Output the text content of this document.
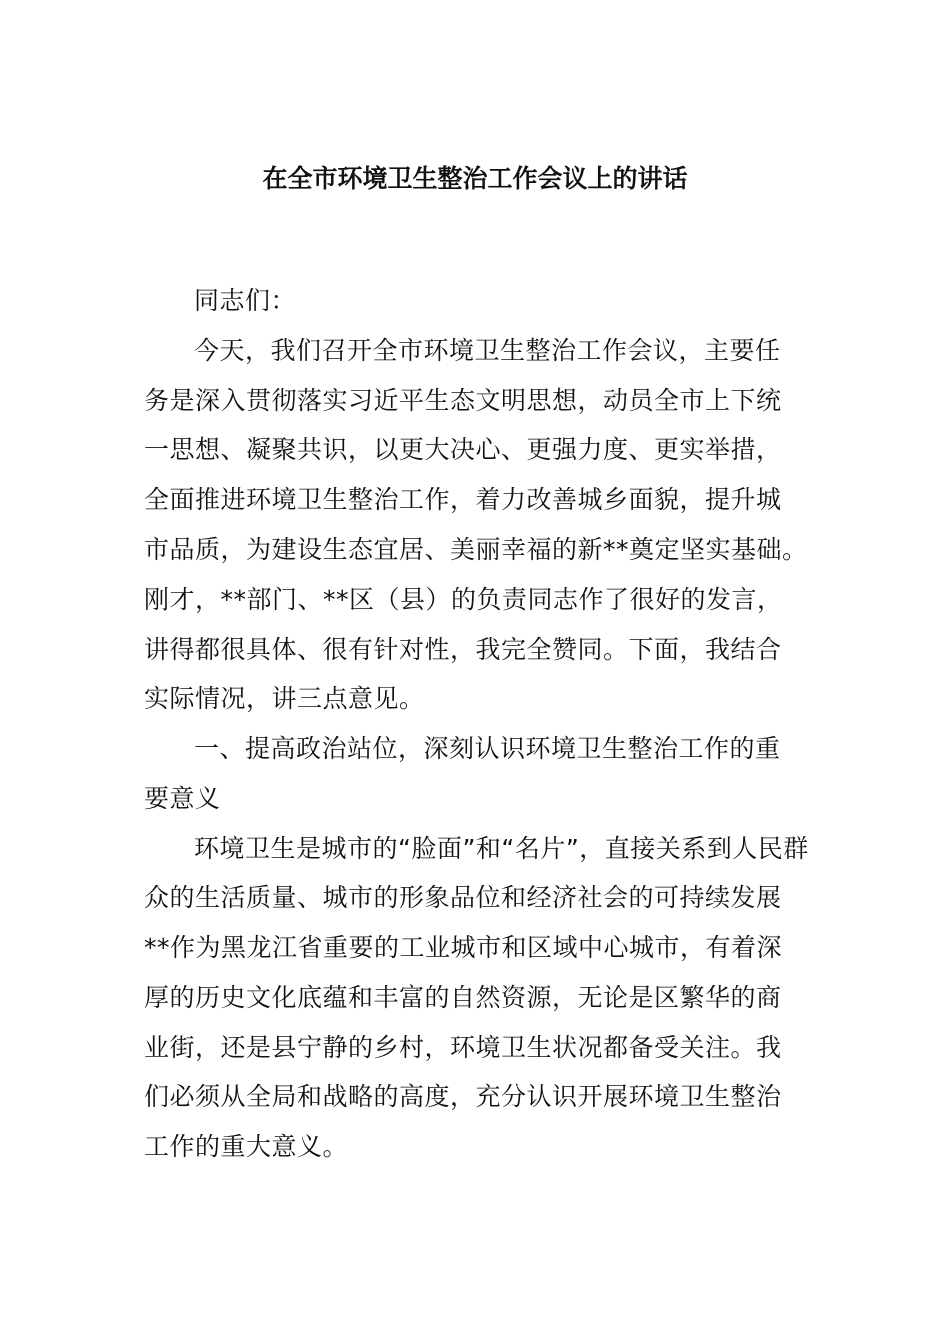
在全市环境卫生整治工作会议上的讲话
同志们：
今天，我们召开全市环境卫生整治工作会议，主要任
务是深入贯彻落实习近平生态文明思想，动员全市上下统
一思想、凝聚共识，以更大决心、更强力度、更实举措，
全面推进环境卫生整治工作，着力改善城乡面貌，提升城
市品质，为建设生态宜居、美丽幸福的新**奠定坚实基础。
刚才，**部门、**区（县）的负责同志作了很好的发言，
讲得都很具体、很有针对性，我完全赞同。下面，我结合
实际情况，讲三点意见。
一、提高政治站位，深刻认识环境卫生整治工作的重
要意义
环境卫生是城市的“脸面”和“名片”，直接关系到人民群
众的生活质量、城市的形象品位和经济社会的可持续发展
**作为黑龙江省重要的工业城市和区域中心城市，有着深
厚的历史文化底蕴和丰富的自然资源，无论是区繁华的商
业街，还是县宁静的乡村，环境卫生状况都备受关注。我
们必须从全局和战略的高度，充分认识开展环境卫生整治
工作的重大意义。
